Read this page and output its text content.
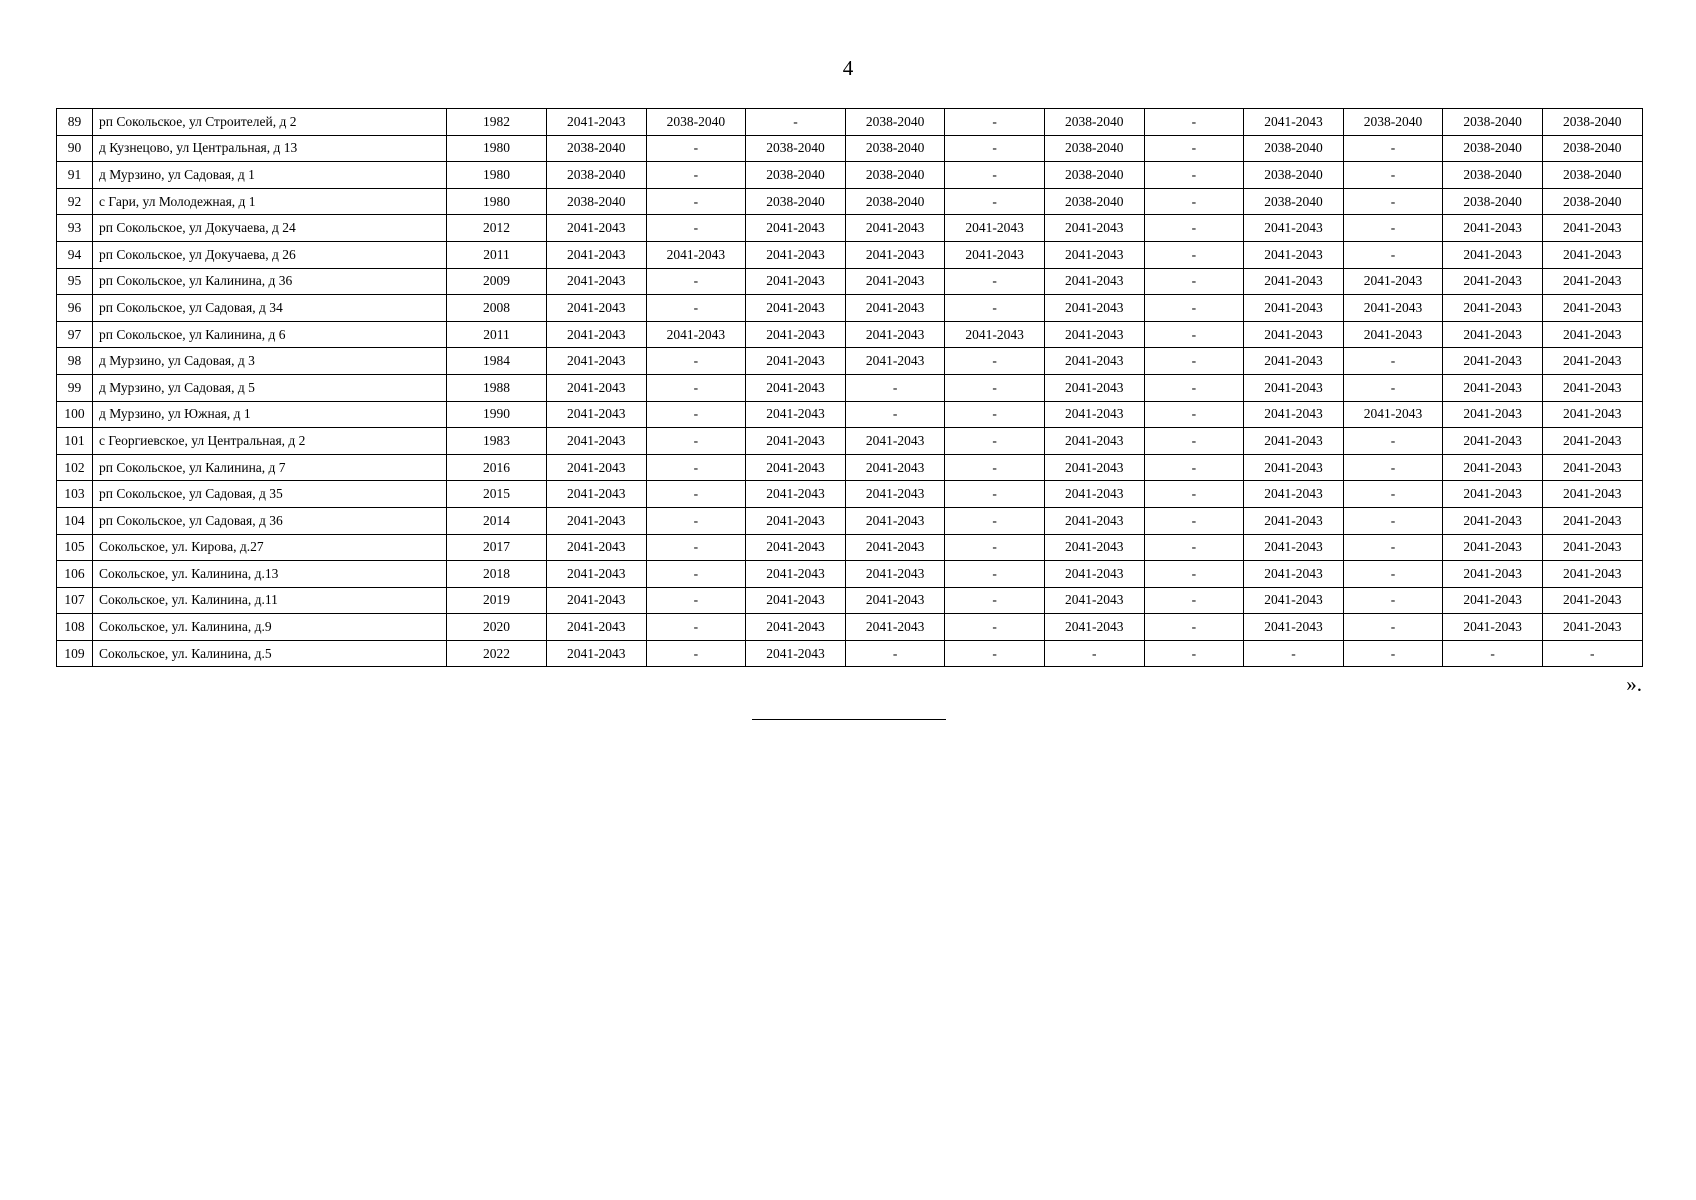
4
89	рп Сокольское, ул Строителей, д 2	1982	2041-2043	2038-2040	-	2038-2040	-	2038-2040	-	2041-2043	2038-2040	2038-2040	2038-2040
90	д Кузнецово, ул Центральная, д 13	1980	2038-2040	-	2038-2040	2038-2040	-	2038-2040	-	2038-2040	-	2038-2040	2038-2040
91	д Мурзино, ул Садовая, д 1	1980	2038-2040	-	2038-2040	2038-2040	-	2038-2040	-	2038-2040	-	2038-2040	2038-2040
92	с Гари, ул Молодежная, д 1	1980	2038-2040	-	2038-2040	2038-2040	-	2038-2040	-	2038-2040	-	2038-2040	2038-2040
93	рп Сокольское, ул Докучаева, д 24	2012	2041-2043	-	2041-2043	2041-2043	2041-2043	2041-2043	-	2041-2043	-	2041-2043	2041-2043
94	рп Сокольское, ул Докучаева, д 26	2011	2041-2043	2041-2043	2041-2043	2041-2043	2041-2043	2041-2043	-	2041-2043	-	2041-2043	2041-2043
95	рп Сокольское, ул Калинина, д 36	2009	2041-2043	-	2041-2043	2041-2043	-	2041-2043	-	2041-2043	2041-2043	2041-2043	2041-2043
96	рп Сокольское, ул Садовая, д 34	2008	2041-2043	-	2041-2043	2041-2043	-	2041-2043	-	2041-2043	2041-2043	2041-2043	2041-2043
97	рп Сокольское, ул Калинина, д 6	2011	2041-2043	2041-2043	2041-2043	2041-2043	2041-2043	2041-2043	-	2041-2043	2041-2043	2041-2043	2041-2043
98	д Мурзино, ул Садовая, д 3	1984	2041-2043	-	2041-2043	2041-2043	-	2041-2043	-	2041-2043	-	2041-2043	2041-2043
99	д Мурзино, ул Садовая, д 5	1988	2041-2043	-	2041-2043	-	-	2041-2043	-	2041-2043	-	2041-2043	2041-2043
100	д Мурзино, ул Южная, д 1	1990	2041-2043	-	2041-2043	-	-	2041-2043	-	2041-2043	2041-2043	2041-2043	2041-2043
101	с Георгиевское, ул Центральная, д 2	1983	2041-2043	-	2041-2043	2041-2043	-	2041-2043	-	2041-2043	-	2041-2043	2041-2043
102	рп Сокольское, ул Калинина, д 7	2016	2041-2043	-	2041-2043	2041-2043	-	2041-2043	-	2041-2043	-	2041-2043	2041-2043
103	рп Сокольское, ул Садовая, д 35	2015	2041-2043	-	2041-2043	2041-2043	-	2041-2043	-	2041-2043	-	2041-2043	2041-2043
104	рп Сокольское, ул Садовая, д 36	2014	2041-2043	-	2041-2043	2041-2043	-	2041-2043	-	2041-2043	-	2041-2043	2041-2043
105	Сокольское, ул. Кирова, д.27	2017	2041-2043	-	2041-2043	2041-2043	-	2041-2043	-	2041-2043	-	2041-2043	2041-2043
106	Сокольское, ул. Калинина, д.13	2018	2041-2043	-	2041-2043	2041-2043	-	2041-2043	-	2041-2043	-	2041-2043	2041-2043
107	Сокольское, ул. Калинина, д.11	2019	2041-2043	-	2041-2043	2041-2043	-	2041-2043	-	2041-2043	-	2041-2043	2041-2043
108	Сокольское, ул. Калинина, д.9	2020	2041-2043	-	2041-2043	2041-2043	-	2041-2043	-	2041-2043	-	2041-2043	2041-2043
109	Сокольское, ул. Калинина, д.5	2022	2041-2043	-	2041-2043	-	-	-	-	-	-	-	-
».
